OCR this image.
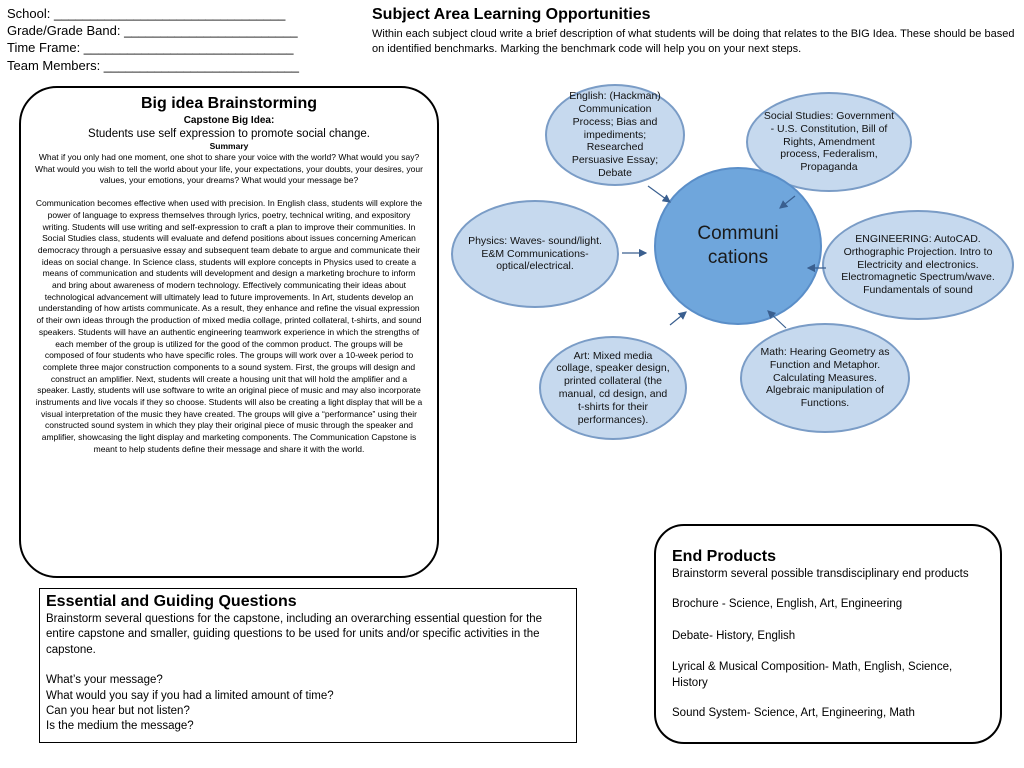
School: ________________________________
Grade/Grade Band: ________________________
Time Frame: _____________________________
Team Members: ___________________________
Subject Area Learning Opportunities
Within each subject cloud write a brief description of what students will be doing that relates to the BIG Idea. These should be based on identified benchmarks. Marking the benchmark code will help you on your next steps.
Big idea Brainstorming
Capstone Big Idea:
Students use self expression to promote social change.
Summary
What if you only had one moment, one shot to share your voice with the world? What would you say? What would you wish to tell the world about your life, your expectations, your doubts, your desires, your values, your emotions, your dreams? What would your message be?
Communication becomes effective when used with precision. In English class, students will explore the power of language to express themselves through lyrics, poetry, technical writing, and expository writing. Students will use writing and self-expression to craft a plan to improve their communities. In Social Studies class, students will evaluate and defend positions about issues concerning American democracy through a persuasive essay and subsequent team debate to argue and communicate their ideas on social change. In Science class, students will explore concepts in Physics used to create a means of communication and students will development and design a marketing brochure to inform and bring about awareness of modern technology. Effectively communicating their ideas about technological advancement will ultimately lead to future improvements. In Art, students develop an understanding of how artists communicate. As a result, they enhance and refine the visual expression of their own ideas through the production of mixed media collage, printed collateral, t-shirts, and sound speakers. Students will have an authentic engineering teamwork experience in which the strengths of each member of the group is utilized for the good of the common product. The groups will be composed of four students who have specific roles. The groups will work over a 10-week period to complete three major construction components to a sound system. First, the groups will design and construct an amplifier. Next, students will create a housing unit that will hold the amplifier and a speaker. Lastly, students will use software to write an original piece of music and may also incorporate instruments and live vocals if they so choose. Students will also be creating a light display that will be a visual interpretation of the music they have created. The groups will give a “performance” using their constructed sound system in which they play their original piece of music through the speaker and amplifier, showcasing the light display and marketing components. The Communication Capstone is meant to help students define their message and share it with the world.
English: (Hackman) Communication Process; Bias and impediments; Researched Persuasive Essay; Debate
Social Studies: Government - U.S. Constitution, Bill of Rights, Amendment process, Federalism, Propaganda
Physics: Waves- sound/light. E&M Communications- optical/electrical.
Communi cations
ENGINEERING: AutoCAD. Orthographic Projection. Intro to Electricity and electronics. Electromagnetic Spectrum/wave. Fundamentals of sound
Art: Mixed media collage, speaker design, printed collateral (the manual, cd design, and t-shirts for their performances).
Math: Hearing Geometry as Function and Metaphor. Calculating Measures. Algebraic manipulation of Functions.
Essential and Guiding Questions

Brainstorm several questions for the capstone, including an overarching essential question for the entire capstone and smaller, guiding questions to be used for units and/or specific activities in the capstone.

What’s your message?

What would you say if you had a limited amount of time?

Can you hear but not listen?

Is the medium the message?

End Products

Brainstorm several possible transdisciplinary end products

Brochure - Science, English, Art, Engineering

Debate- History, English

Lyrical & Musical Composition- Math, English, Science, History

Sound System- Science, Art, Engineering, Math
